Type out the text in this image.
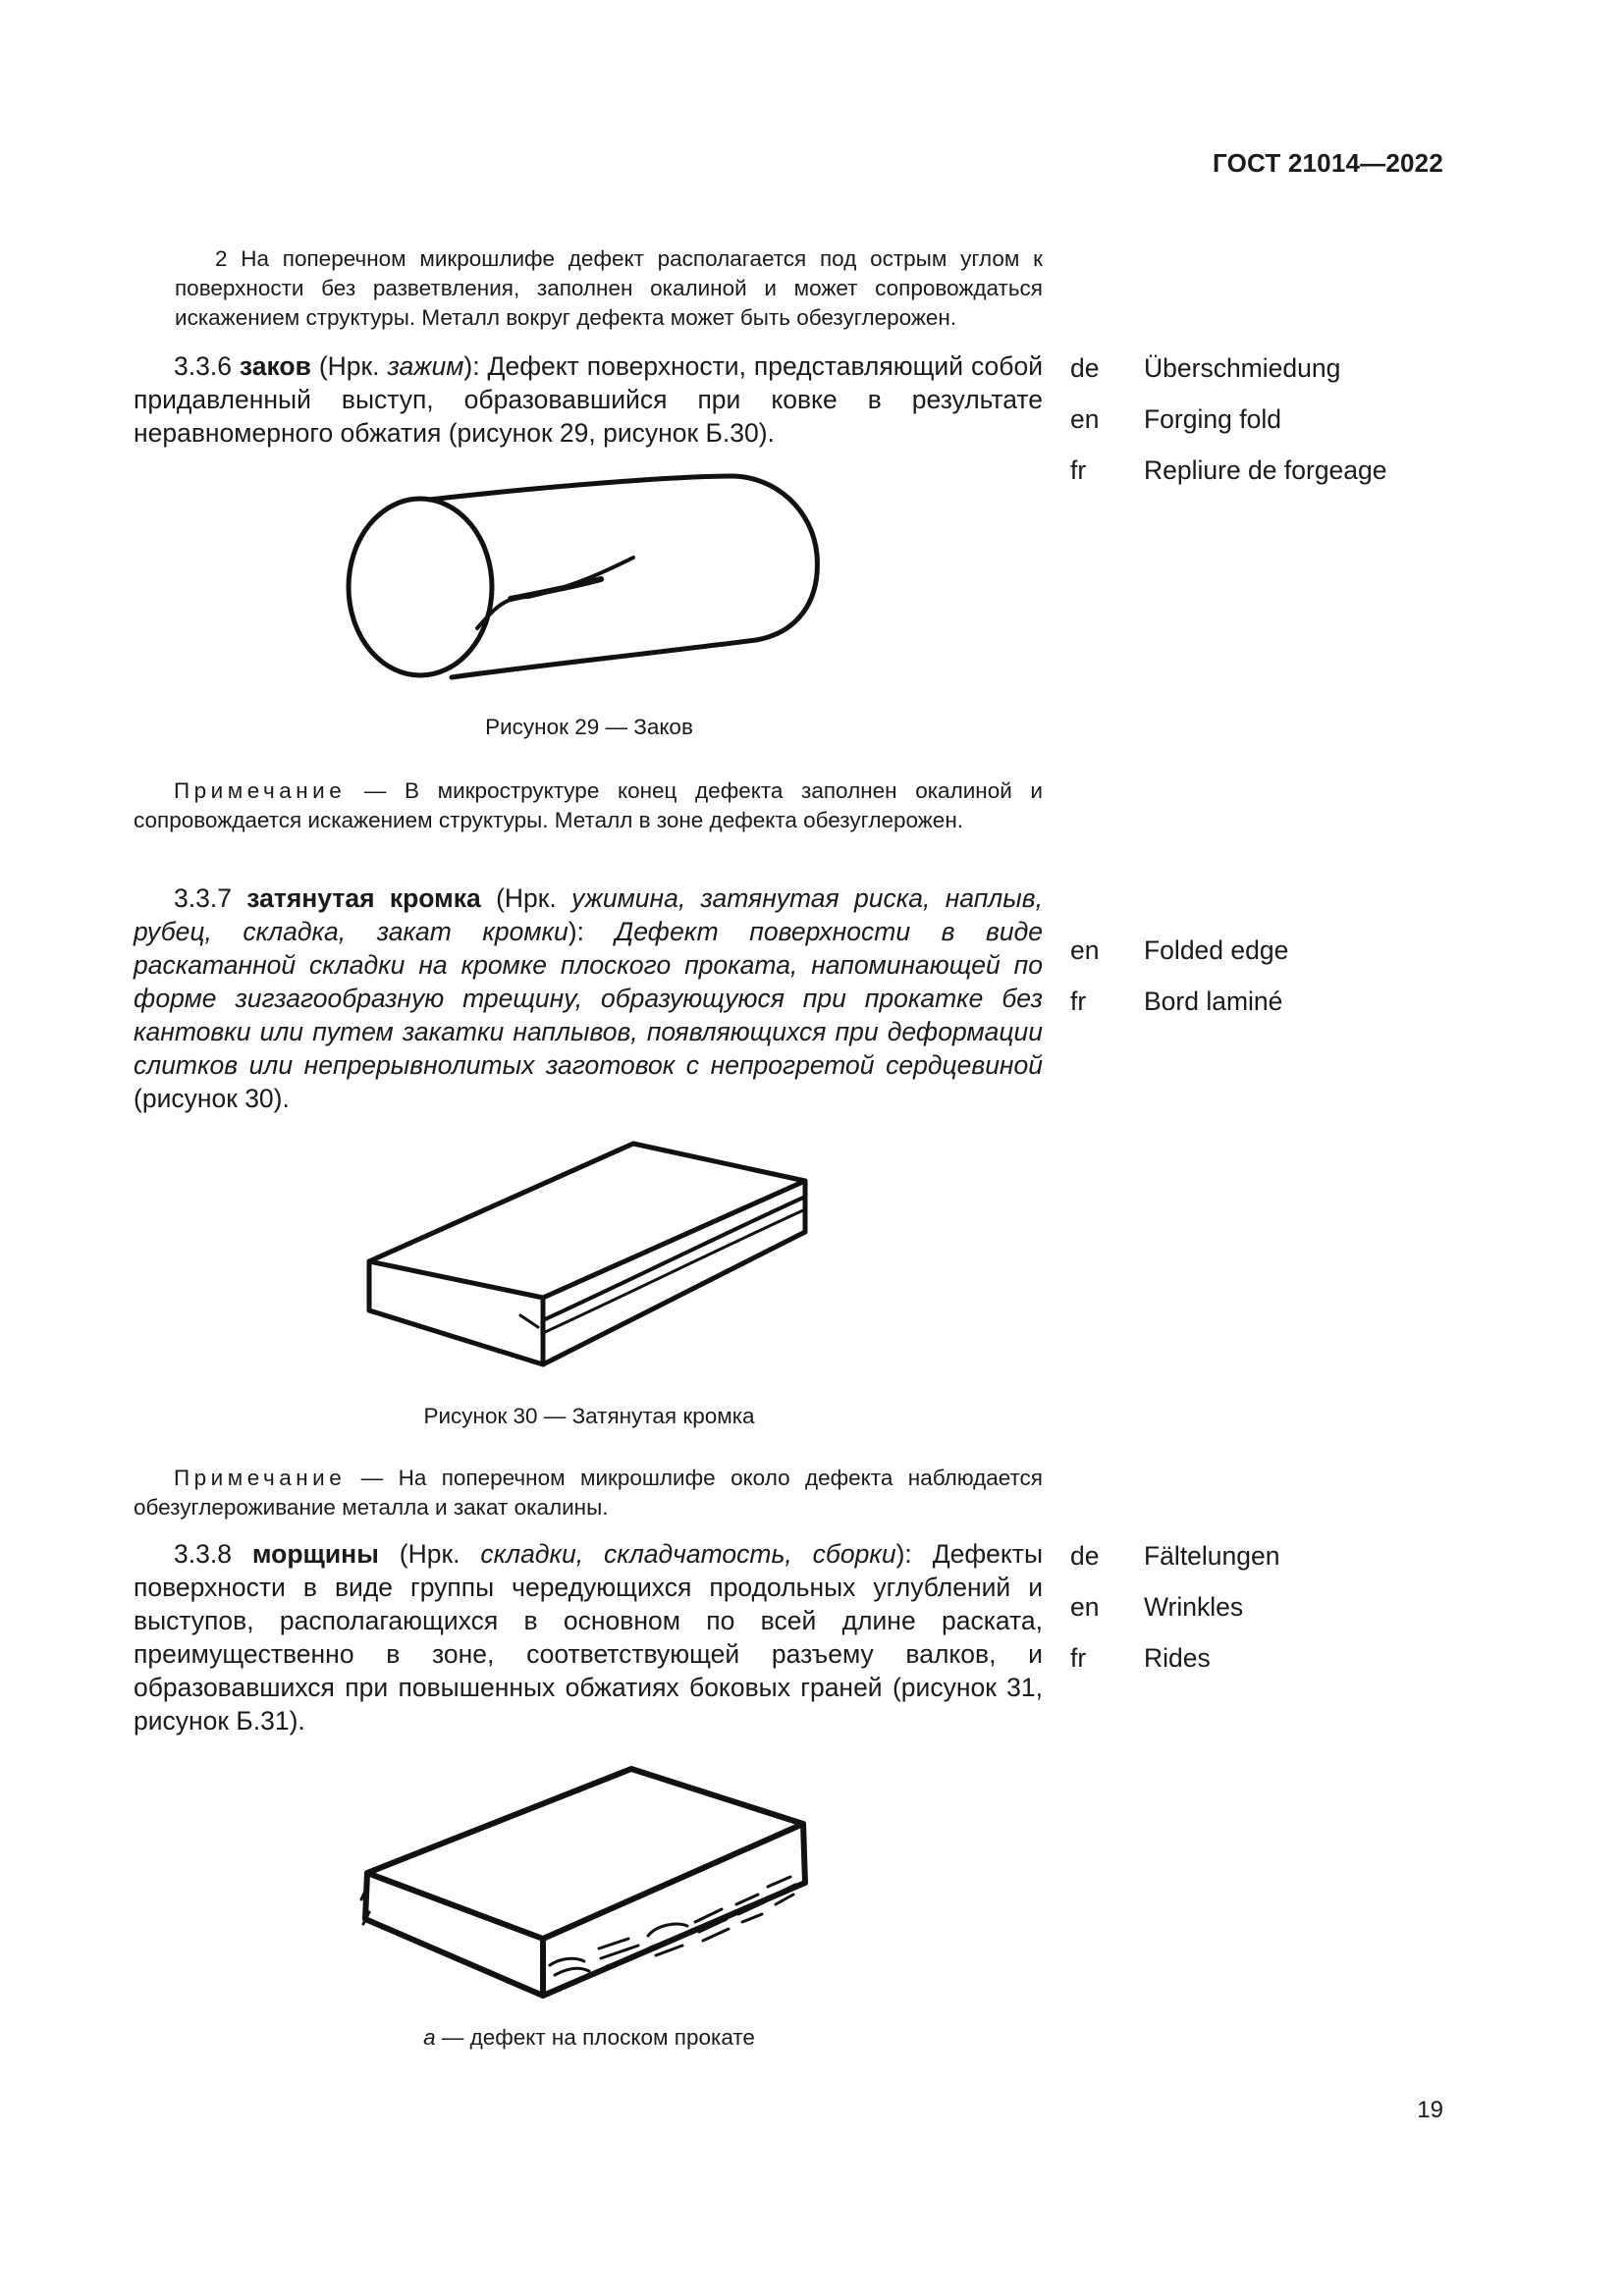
ГОСТ 21014—2022

2 На поперечном микрошлифе дефект располагается под острым углом к поверхности без разветвления, заполнен окалиной и может сопровождаться искажением структуры. Металл вокруг дефекта может быть обезуглерожен.

3.3.6 заков (Нрк. зажим): Дефект поверхности, представляющий собой придавленный выступ, образовавшийся при ковке в результате неравномерного обжатия (рисунок 29, рисунок Б.30).

de	Überschmiedung
en	Forging fold
fr	Repliure de forgeage
Рисунок 29 — Заков

Примечание — В микроструктуре конец дефекта заполнен окалиной и сопровождается искажением структуры. Металл в зоне дефекта обезуглерожен.

3.3.7 затянутая кромка (Нрк. ужимина, затянутая риска, наплыв, рубец, складка, закат кромки): Дефект поверхности в виде раскатанной складки на кромке плоского проката, напоминающей по форме зигзагообразную трещину, образующуюся при прокатке без кантовки или путем закатки наплывов, появляющихся при деформации слитков или непрерывнолитых заготовок с непрогретой сердцевиной (рисунок 30).

en	Folded edge
fr	Bord laminé
Рисунок 30 — Затянутая кромка

Примечание — На поперечном микрошлифе около дефекта наблюдается обезуглероживание металла и закат окалины.

3.3.8 морщины (Нрк. складки, складчатость, сборки): Дефекты поверхности в виде группы чередующихся продольных углублений и выступов, располагающихся в основном по всей длине раската, преимущественно в зоне, соответствующей разъему валков, и образовавшихся при повышенных обжатиях боковых граней (рисунок 31, рисунок Б.31).

de	Fältelungen
en	Wrinkles
fr	Rides
а — дефект на плоском прокате
19
